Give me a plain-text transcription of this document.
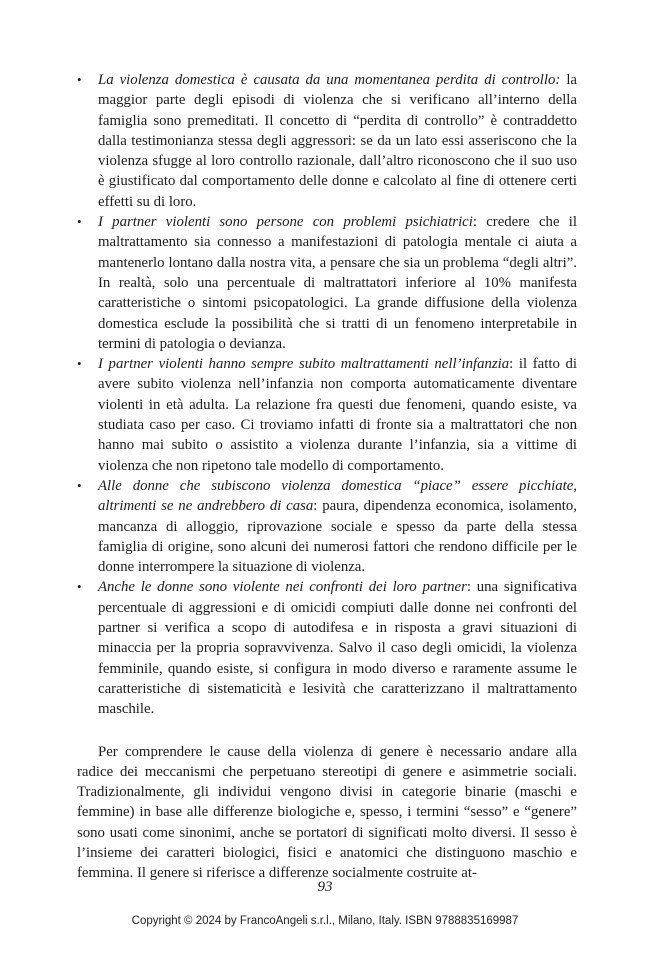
• La violenza domestica è causata da una momentanea perdita di controllo: la maggior parte degli episodi di violenza che si verificano all’interno della famiglia sono premeditati. Il concetto di “perdita di controllo” è contraddetto dalla testimonianza stessa degli aggressori: se da un lato essi asseriscono che la violenza sfugge al loro controllo razionale, dall’altro riconoscono che il suo uso è giustificato dal comportamento delle donne e calcolato al fine di ottenere certi effetti su di loro.
• I partner violenti sono persone con problemi psichiatrici: credere che il maltrattamento sia connesso a manifestazioni di patologia mentale ci aiuta a mantenerlo lontano dalla nostra vita, a pensare che sia un problema “degli altri”. In realtà, solo una percentuale di maltrattatori inferiore al 10% manifesta caratteristiche o sintomi psicopatologici. La grande diffusione della violenza domestica esclude la possibilità che si tratti di un fenomeno interpretabile in termini di patologia o devianza.
• I partner violenti hanno sempre subito maltrattamenti nell’infanzia: il fatto di avere subito violenza nell’infanzia non comporta automaticamente diventare violenti in età adulta. La relazione fra questi due fenomeni, quando esiste, va studiata caso per caso. Ci troviamo infatti di fronte sia a maltrattatori che non hanno mai subito o assistito a violenza durante l’infanzia, sia a vittime di violenza che non ripetono tale modello di comportamento.
• Alle donne che subiscono violenza domestica “piace” essere picchiate, altrimenti se ne andrebbero di casa: paura, dipendenza economica, isolamento, mancanza di alloggio, riprovazione sociale e spesso da parte della stessa famiglia di origine, sono alcuni dei numerosi fattori che rendono difficile per le donne interrompere la situazione di violenza.
• Anche le donne sono violente nei confronti dei loro partner: una significativa percentuale di aggressioni e di omicidi compiuti dalle donne nei confronti del partner si verifica a scopo di autodifesa e in risposta a gravi situazioni di minaccia per la propria sopravvivenza. Salvo il caso degli omicidi, la violenza femminile, quando esiste, si configura in modo diverso e raramente assume le caratteristiche di sistematicità e lesività che caratterizzano il maltrattamento maschile.

Per comprendere le cause della violenza di genere è necessario andare alla radice dei meccanismi che perpetuano stereotipi di genere e asimmetrie sociali. Tradizionalmente, gli individui vengono divisi in categorie binarie (maschi e femmine) in base alle differenze biologiche e, spesso, i termini “sesso” e “genere” sono usati come sinonimi, anche se portatori di significati molto diversi. Il sesso è l’insieme dei caratteri biologici, fisici e anatomici che distinguono maschio e femmina. Il genere si riferisce a differenze socialmente costruite at-

93
Copyright © 2024 by FrancoAngeli s.r.l., Milano, Italy. ISBN 9788835169987
